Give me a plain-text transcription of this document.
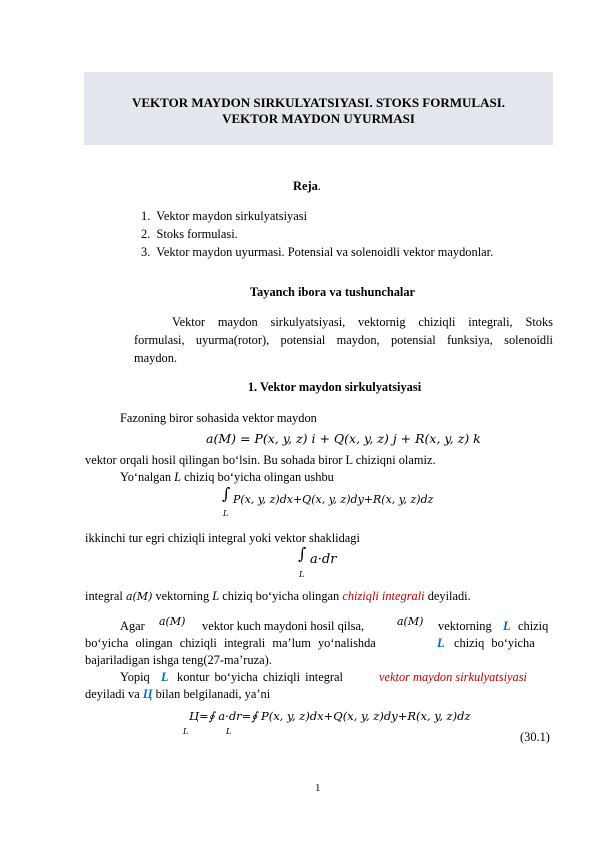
VEKTOR MAYDON SIRKULYATSIYASI. STOKS FORMULASI.
VEKTOR MAYDON UYURMASI
Reja.
1. Vektor maydon sirkulyatsiyasi
2. Stoks formulasi.
3. Vektor maydon uyurmasi. Potensial va solenoidli vektor maydonlar.
Tayanch ibora va tushunchalar
Vektor maydon sirkulyatsiyasi, vektornig chiziqli integrali, Stoks
formulasi, uyurma(rotor), potensial maydon, potensial funksiya, solenoidli
maydon.
1. Vektor maydon sirkulyatsiyasi
Fazoning biror sohasida vektor maydon
a(M) = P(x, y, z) i + Q(x, y, z) j + R(x, y, z) k
vektor orqali hosil qilingan bo‘lsin. Bu sohada biror L chiziqni olamiz.
Yo‘nalgan L chiziq bo‘yicha olingan ushbu
∫ P(x, y, z)dx+Q(x, y, z)dy+R(x, y, z)dz
L
ikkinchi tur egri chiziqli integral yoki vektor shaklidagi
∫ a·dr
L
integral a(M) vektorning L chiziq bo‘yicha olingan chiziqli integrali deyiladi.
Agar a(M) vektor kuch maydoni hosil qilsa,	a(M) vektorning L chiziq
bo‘yicha olingan chiziqli integrali ma’lum yo‘nalishda	L chiziq bo‘yicha
bajariladigan ishga teng(27-ma’ruza).
Yopiq L kontur bo‘yicha chiziqli integral	vektor maydon sirkulyatsiyasi
deyiladi va Ц bilan belgilanadi, ya’ni
Ц=∮ a·dr=∮ P(x, y, z)dx+Q(x, y, z)dy+R(x, y, z)dz
L	L	(30.1)
1
